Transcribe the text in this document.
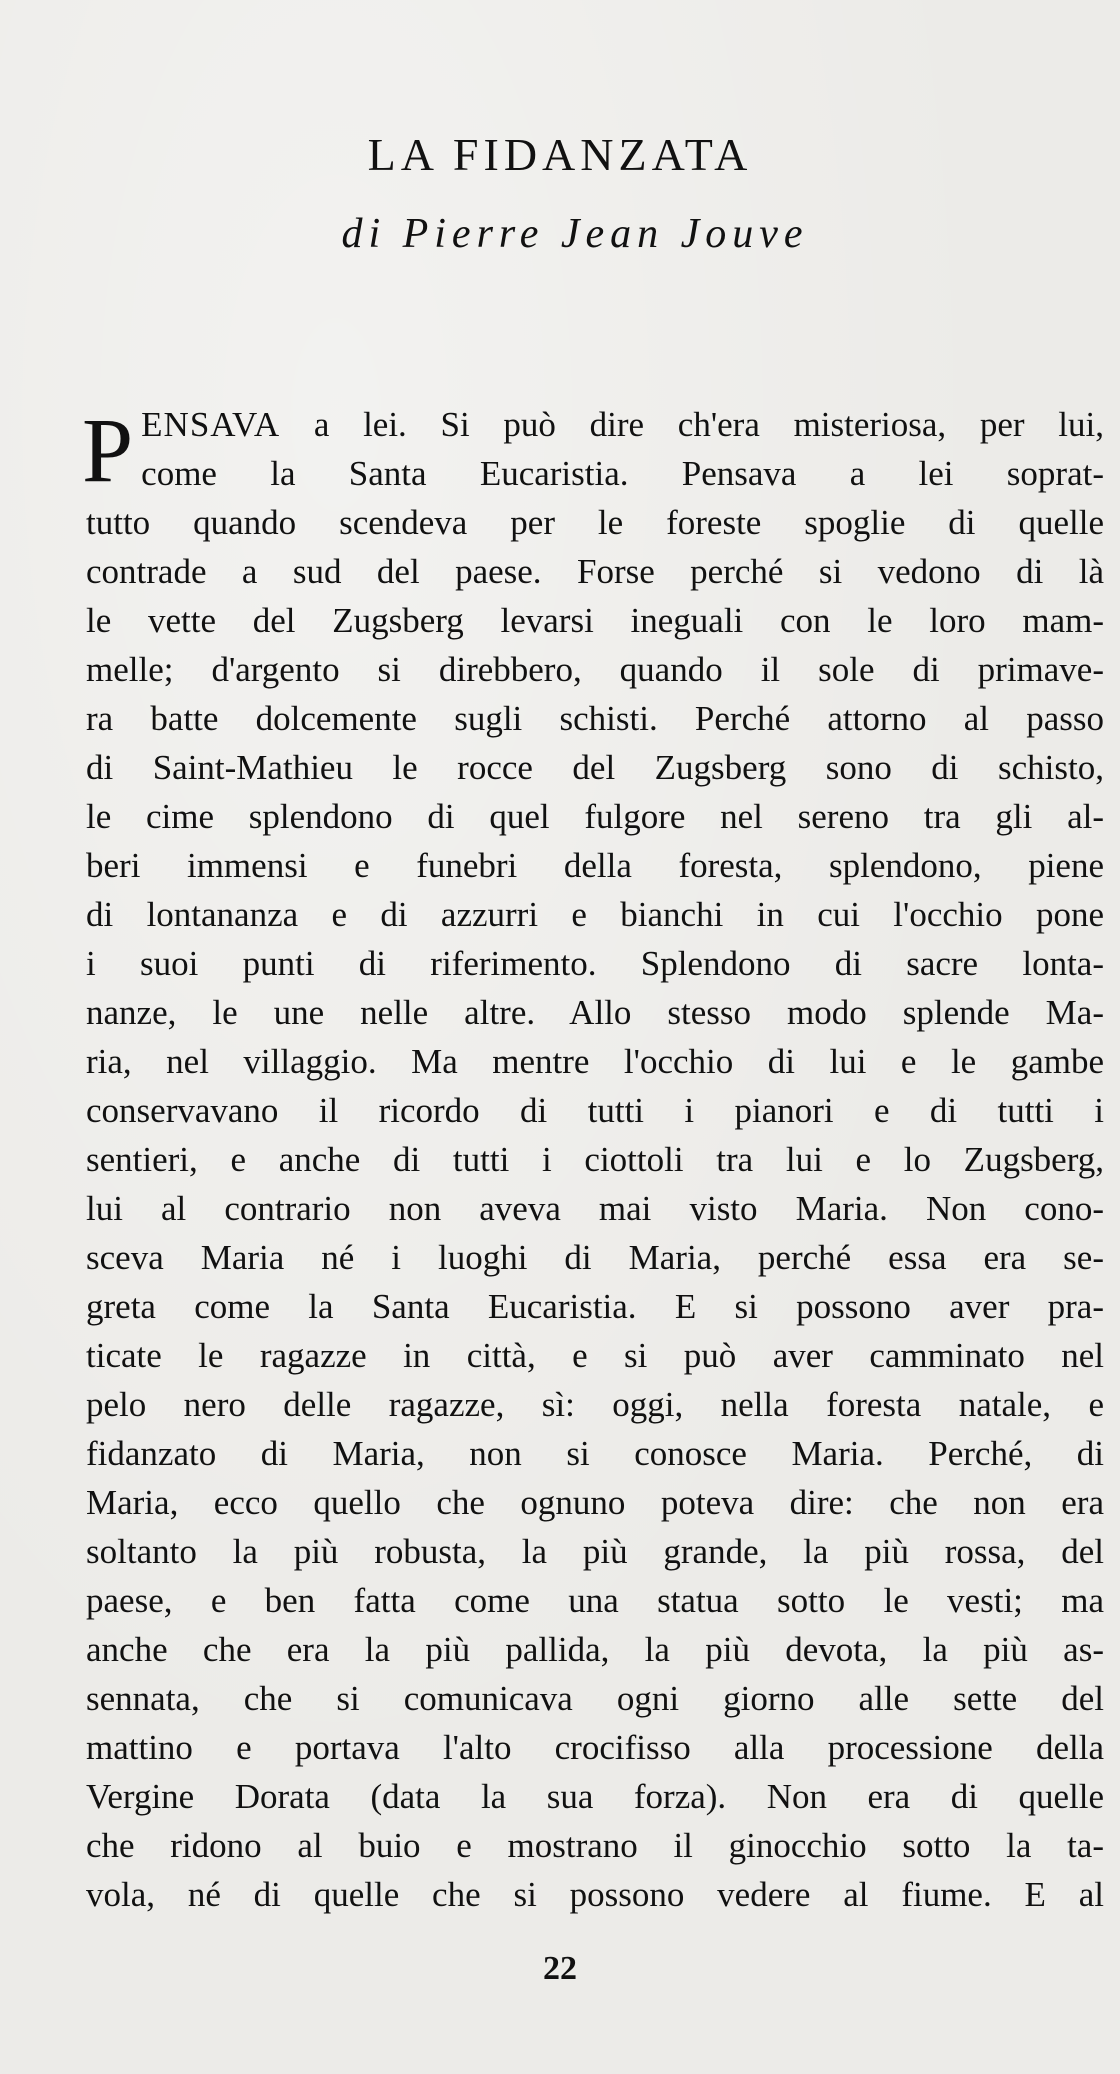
LA FIDANZATA
di Pierre Jean Jouve
P ENSAVA a lei. Si può dire ch'era misteriosa, per lui,
come la Santa Eucaristia. Pensava a lei soprat-
tutto quando scendeva per le foreste spoglie di quelle
contrade a sud del paese. Forse perché si vedono di là
le vette del Zugsberg levarsi ineguali con le loro mam-
melle; d'argento si direbbero, quando il sole di primave-
ra batte dolcemente sugli schisti. Perché attorno al passo
di Saint-Mathieu le rocce del Zugsberg sono di schisto,
le cime splendono di quel fulgore nel sereno tra gli al-
beri immensi e funebri della foresta, splendono, piene
di lontananza e di azzurri e bianchi in cui l'occhio pone
i suoi punti di riferimento. Splendono di sacre lonta-
nanze, le une nelle altre. Allo stesso modo splende Ma-
ria, nel villaggio. Ma mentre l'occhio di lui e le gambe
conservavano il ricordo di tutti i pianori e di tutti i
sentieri, e anche di tutti i ciottoli tra lui e lo Zugsberg,
lui al contrario non aveva mai visto Maria. Non cono-
sceva Maria né i luoghi di Maria, perché essa era se-
greta come la Santa Eucaristia. E si possono aver pra-
ticate le ragazze in città, e si può aver camminato nel
pelo nero delle ragazze, sì: oggi, nella foresta natale, e
fidanzato di Maria, non si conosce Maria. Perché, di
Maria, ecco quello che ognuno poteva dire: che non era
soltanto la più robusta, la più grande, la più rossa, del
paese, e ben fatta come una statua sotto le vesti; ma
anche che era la più pallida, la più devota, la più as-
sennata, che si comunicava ogni giorno alle sette del
mattino e portava l'alto crocifisso alla processione della
Vergine Dorata (data la sua forza). Non era di quelle
che ridono al buio e mostrano il ginocchio sotto la ta-
vola, né di quelle che si possono vedere al fiume. E al
22
